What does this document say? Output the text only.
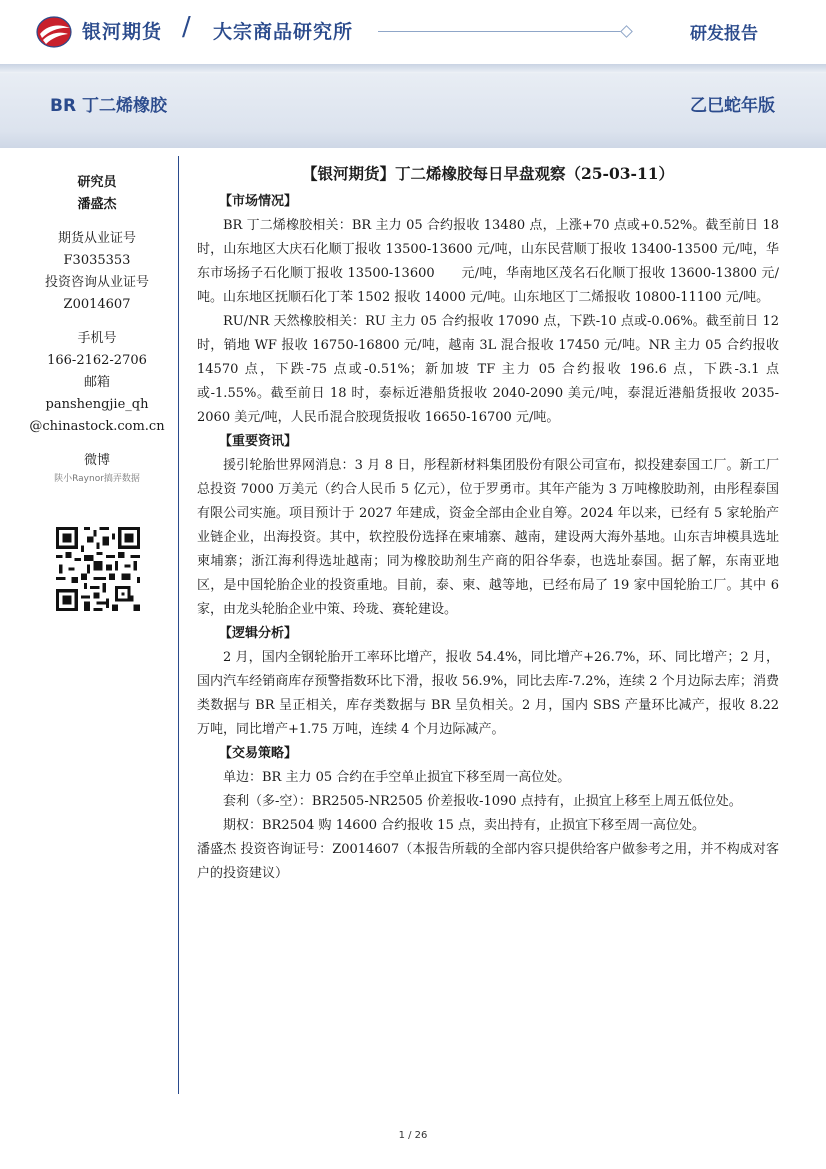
银河期货 / 大宗商品研究所	研发报告
BR 丁二烯橡胶	乙巳蛇年版
研究员
潘盛杰
期货从业证号
F3035353
投资咨询从业证号
Z0014607
手机号
166-2162-2706
邮箱
panshengjie_qh
@chinastock.com.cn
微博
陕小Raynor搞弄数据
【银河期货】丁二烯橡胶每日早盘观察（25-03-11）
【市场情况】
BR 丁二烯橡胶相关：BR 主力 05 合约报收 13480 点，上涨+70 点或+0.52%。截至前日 18 时，山东地区大庆石化顺丁报收 13500-13600 元/吨，山东民营顺丁报收 13400-13500 元/吨，华东市场扬子石化顺丁报收 13500-13600　　元/吨，华南地区茂名石化顺丁报收 13600-13800 元/吨。山东地区抚顺石化丁苯 1502 报收 14000 元/吨。山东地区丁二烯报收 10800-11100 元/吨。
RU/NR 天然橡胶相关：RU 主力 05 合约报收 17090 点，下跌-10 点或-0.06%。截至前日 12 时，销地 WF 报收 16750-16800 元/吨，越南 3L 混合报收 17450 元/吨。NR 主力 05 合约报收 14570 点，下跌-75 点或-0.51%；新加坡 TF 主力 05 合约报收 196.6 点，下跌-3.1 点或-1.55%。截至前日 18 时，泰标近港船货报收 2040-2090 美元/吨，泰混近港船货报收 2035-2060 美元/吨，人民币混合胶现货报收 16650-16700 元/吨。
【重要资讯】
援引轮胎世界网消息：3 月 8 日，彤程新材料集团股份有限公司宣布，拟投建泰国工厂。新工厂总投资 7000 万美元（约合人民币 5 亿元），位于罗勇市。其年产能为 3 万吨橡胶助剂，由彤程泰国有限公司实施。项目预计于 2027 年建成，资金全部由企业自筹。2024 年以来，已经有 5 家轮胎产业链企业，出海投资。其中，软控股份选择在柬埔寨、越南，建设两大海外基地。山东吉坤模具选址柬埔寨；浙江海利得选址越南；同为橡胶助剂生产商的阳谷华泰，也选址泰国。据了解，东南亚地区，是中国轮胎企业的投资重地。目前，泰、柬、越等地，已经布局了 19 家中国轮胎工厂。其中 6 家，由龙头轮胎企业中策、玲珑、赛轮建设。
【逻辑分析】
2 月，国内全钢轮胎开工率环比增产，报收 54.4%，同比增产+26.7%，环、同比增产；2 月，国内汽车经销商库存预警指数环比下滑，报收 56.9%，同比去库-7.2%，连续 2 个月边际去库；消费类数据与 BR 呈正相关，库存类数据与 BR 呈负相关。2 月，国内 SBS 产量环比减产，报收 8.22 万吨，同比增产+1.75 万吨，连续 4 个月边际减产。
【交易策略】
单边：BR 主力 05 合约在手空单止损宜下移至周一高位处。
套利（多-空）：BR2505-NR2505 价差报收-1090 点持有，止损宜上移至上周五低位处。
期权：BR2504 购 14600 合约报收 15 点，卖出持有，止损宜下移至周一高位处。
潘盛杰 投资咨询证号：Z0014607（本报告所载的全部内容只提供给客户做参考之用，并不构成对客户的投资建议）
1 / 26
